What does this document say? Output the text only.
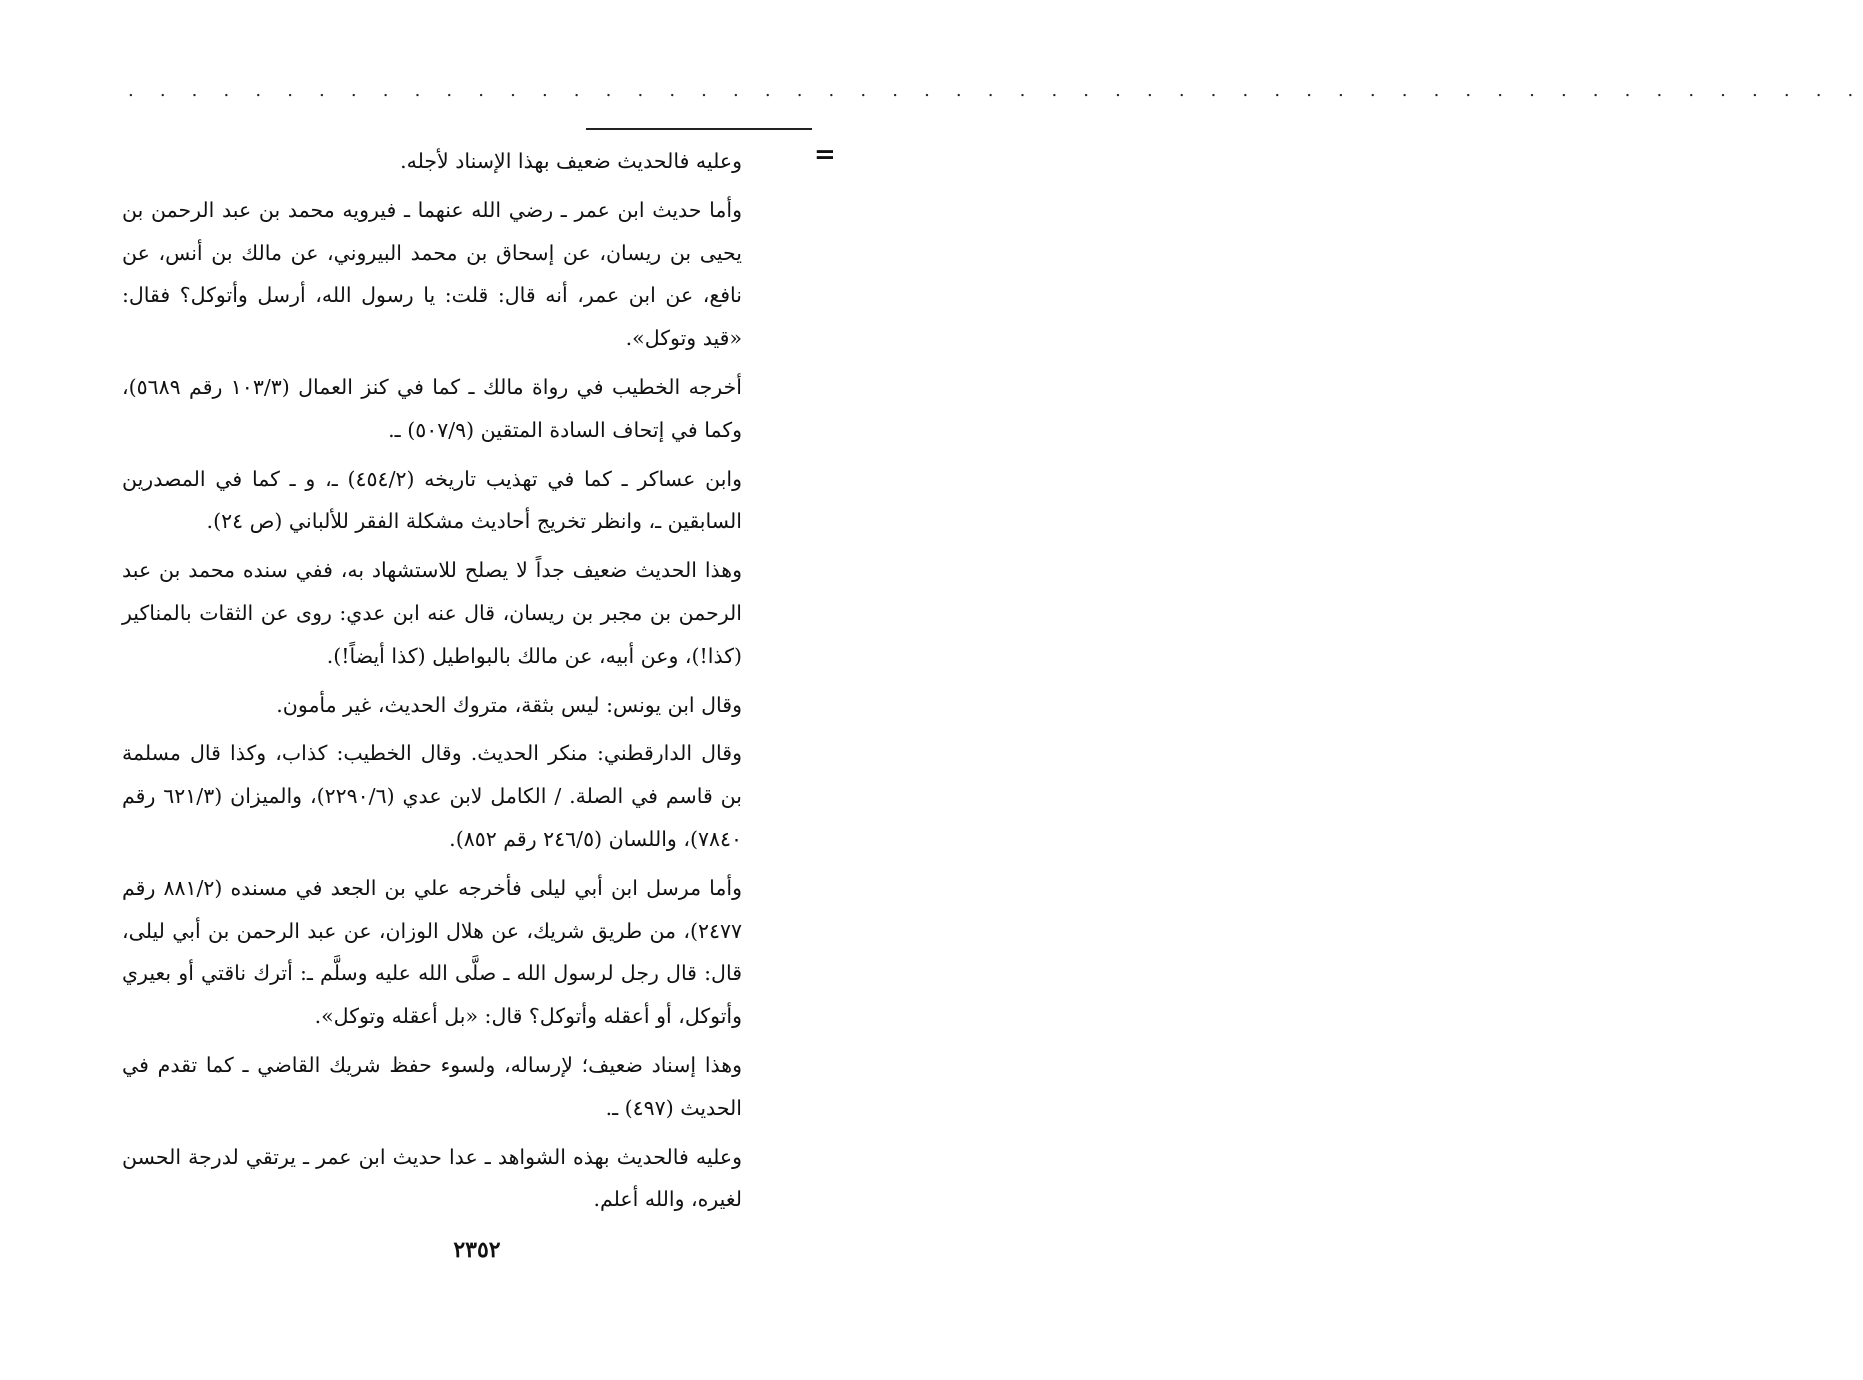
. . . . . . . . . . . . . . . . . . . . . . . . . . . . . . . . . . . . . . . . . . . . . . . . . . . . . . .
=

وعليه فالحديث ضعيف بهذا الإسناد لأجله.

وأما حديث ابن عمر ـ رضي الله عنهما ـ فيرويه محمد بن عبد الرحمن بن يحيى بن ريسان، عن إسحاق بن محمد البيروني، عن مالك بن أنس، عن نافع، عن ابن عمر، أنه قال: قلت: يا رسول الله، أرسل وأتوكل؟ فقال: «قيد وتوكل».

أخرجه الخطيب في رواة مالك ـ كما في كنز العمال (١٠٣/٣ رقم ٥٦٨٩)، وكما في إتحاف السادة المتقين (٥٠٧/٩) ـ.

وابن عساكر ـ كما في تهذيب تاريخه (٤٥٤/٢) ـ، و ـ كما في المصدرين السابقين ـ، وانظر تخريج أحاديث مشكلة الفقر للألباني (ص ٢٤).

وهذا الحديث ضعيف جداً لا يصلح للاستشهاد به، ففي سنده محمد بن عبد الرحمن بن مجبر بن ريسان، قال عنه ابن عدي: روى عن الثقات بالمناكير (كذا!)، وعن أبيه، عن مالك بالبواطيل (كذا أيضاً!).

وقال ابن يونس: ليس بثقة، متروك الحديث، غير مأمون.

وقال الدارقطني: منكر الحديث. وقال الخطيب: كذاب، وكذا قال مسلمة بن قاسم في الصلة. / الكامل لابن عدي (٢٢٩٠/٦)، والميزان (٦٢١/٣ رقم ٧٨٤٠)، واللسان (٢٤٦/٥ رقم ٨٥٢).

وأما مرسل ابن أبي ليلى فأخرجه علي بن الجعد في مسنده (٨٨١/٢ رقم ٢٤٧٧)، من طريق شريك، عن هلال الوزان، عن عبد الرحمن بن أبي ليلى، قال: قال رجل لرسول الله ـ صلَّى الله عليه وسلَّم ـ: أترك ناقتي أو بعيري وأتوكل، أو أعقله وأتوكل؟ قال: «بل أعقله وتوكل».

وهذا إسناد ضعيف؛ لإرساله، ولسوء حفظ شريك القاضي ـ كما تقدم في الحديث (٤٩٧) ـ.

وعليه فالحديث بهذه الشواهد ـ عدا حديث ابن عمر ـ يرتقي لدرجة الحسن لغيره، والله أعلم.

٢٣٥٢
